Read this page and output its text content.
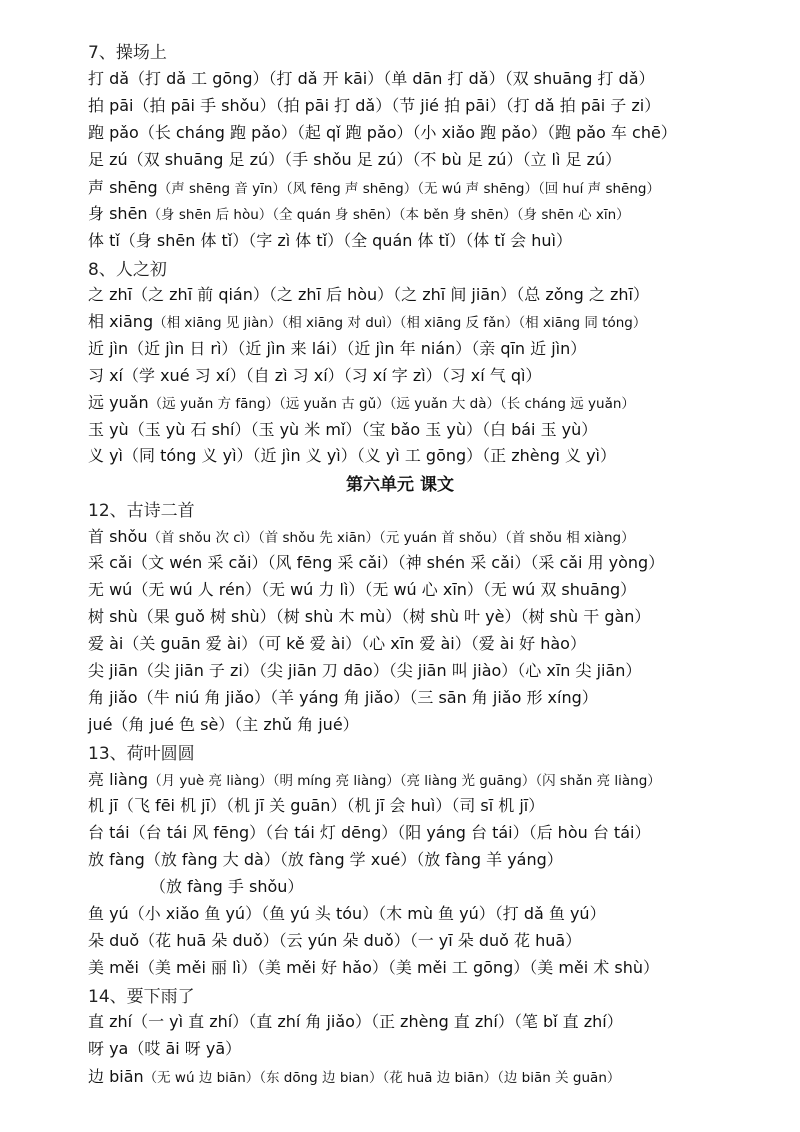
7、操场上
打 dǎ（打 dǎ 工 gōng）（打 dǎ 开 kāi）（单 dān 打 dǎ）（双 shuāng 打 dǎ）
拍 pāi（拍 pāi 手 shǒu）（拍 pāi 打 dǎ）（节 jié 拍 pāi）（打 dǎ 拍 pāi 子 zi）
跑 pǎo（长 cháng 跑 pǎo）（起 qǐ 跑 pǎo）（小 xiǎo 跑 pǎo）（跑 pǎo 车 chē）
足 zú（双 shuāng 足 zú）（手 shǒu 足 zú）（不 bù 足 zú）（立 lì 足 zú）
声 shēng（声 shēng 音 yīn）（风 fēng 声 shēng）（无 wú 声 shēng）（回 huí 声 shēng）
身 shēn（身 shēn 后 hòu）（全 quán 身 shēn）（本 běn 身 shēn）（身 shēn 心 xīn）
体 tǐ（身 shēn 体 tǐ）（字 zì 体 tǐ）（全 quán 体 tǐ）（体 tǐ 会 huì）
8、人之初
之 zhī（之 zhī 前 qián）（之 zhī 后 hòu）（之 zhī 间 jiān）（总 zǒng 之 zhī）
相 xiāng（相 xiāng 见 jiàn）（相 xiāng 对 duì）（相 xiāng 反 fǎn）（相 xiāng 同 tóng）
近 jìn（近 jìn 日 rì）（近 jìn 来 lái）（近 jìn 年 nián）（亲 qīn 近 jìn）
习 xí（学 xué 习 xí）（自 zì 习 xí）（习 xí 字 zì）（习 xí 气 qì）
远 yuǎn（远 yuǎn 方 fāng）（远 yuǎn 古 gǔ）（远 yuǎn 大 dà）（长 cháng 远 yuǎn）
玉 yù（玉 yù 石 shí）（玉 yù 米 mǐ）（宝 bǎo 玉 yù）（白 bái 玉 yù）
义 yì（同 tóng 义 yì）（近 jìn 义 yì）（义 yì 工 gōng）（正 zhèng 义 yì）
第六单元 课文
12、古诗二首
首 shǒu（首 shǒu 次 cì）（首 shǒu 先 xiān）（元 yuán 首 shǒu）（首 shǒu 相 xiàng）
采 cǎi（文 wén 采 cǎi）（风 fēng 采 cǎi）（神 shén 采 cǎi）（采 cǎi 用 yòng）
无 wú（无 wú 人 rén）（无 wú 力 lì）（无 wú 心 xīn）（无 wú 双 shuāng）
树 shù（果 guǒ 树 shù）（树 shù 木 mù）（树 shù 叶 yè）（树 shù 干 gàn）
爱 ài（关 guān 爱 ài）（可 kě 爱 ài）（心 xīn 爱 ài）（爱 ài 好 hào）
尖 jiān（尖 jiān 子 zi）（尖 jiān 刀 dāo）（尖 jiān 叫 jiào）（心 xīn 尖 jiān）
角 jiǎo（牛 niú 角 jiǎo）（羊 yáng 角 jiǎo）（三 sān 角 jiǎo 形 xíng）
jué（角 jué 色 sè）（主 zhǔ 角 jué）
13、荷叶圆圆
亮 liàng（月 yuè 亮 liàng）（明 míng 亮 liàng）（亮 liàng 光 guāng）（闪 shǎn 亮 liàng）
机 jī（飞 fēi 机 jī）（机 jī 关 guān）（机 jī 会 huì）（司 sī 机 jī）
台 tái（台 tái 风 fēng）（台 tái 灯 dēng）（阳 yáng 台 tái）（后 hòu 台 tái）
放 fàng（放 fàng 大 dà）（放 fàng 学 xué）（放 fàng 羊 yáng）
（放 fàng 手 shǒu）
鱼 yú（小 xiǎo 鱼 yú）（鱼 yú 头 tóu）（木 mù 鱼 yú）（打 dǎ 鱼 yú）
朵 duǒ（花 huā 朵 duǒ）（云 yún 朵 duǒ）（一 yī 朵 duǒ 花 huā）
美 měi（美 měi 丽 lì）（美 měi 好 hǎo）（美 měi 工 gōng）（美 měi 术 shù）
14、要下雨了
直 zhí（一 yì 直 zhí）（直 zhí 角 jiǎo）（正 zhèng 直 zhí）（笔 bǐ 直 zhí）
呀 ya（哎 āi 呀 yā）
边 biān（无 wú 边 biān）（东 dōng 边 bian）（花 huā 边 biān）（边 biān 关 guān）
